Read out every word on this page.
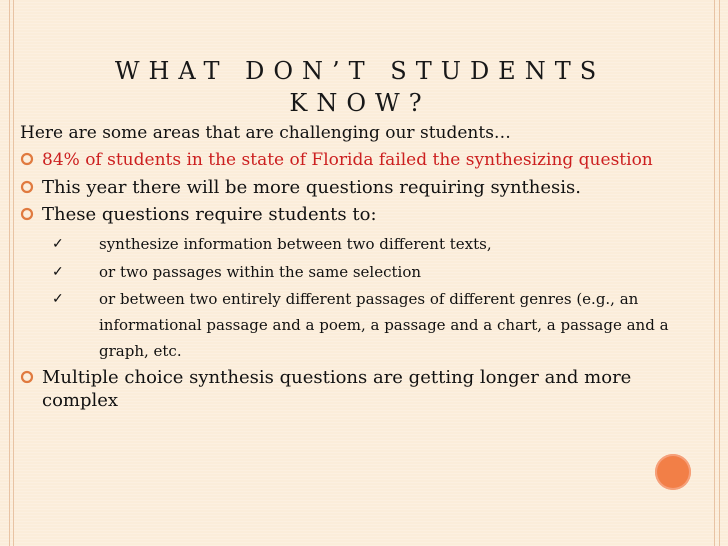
WHAT DON’T STUDENTS KNOW?
Here are some areas that are challenging our students…
84% of students in the state of Florida failed the synthesizing question
This year there will be more questions requiring synthesis.
These questions require students to:
✓ synthesize information between two different texts,
✓ or two passages within the same selection
✓ or between two entirely different passages of different genres (e.g., an informational passage and a poem, a passage and a chart, a passage and a graph, etc.
Multiple choice synthesis questions are getting longer and more complex
